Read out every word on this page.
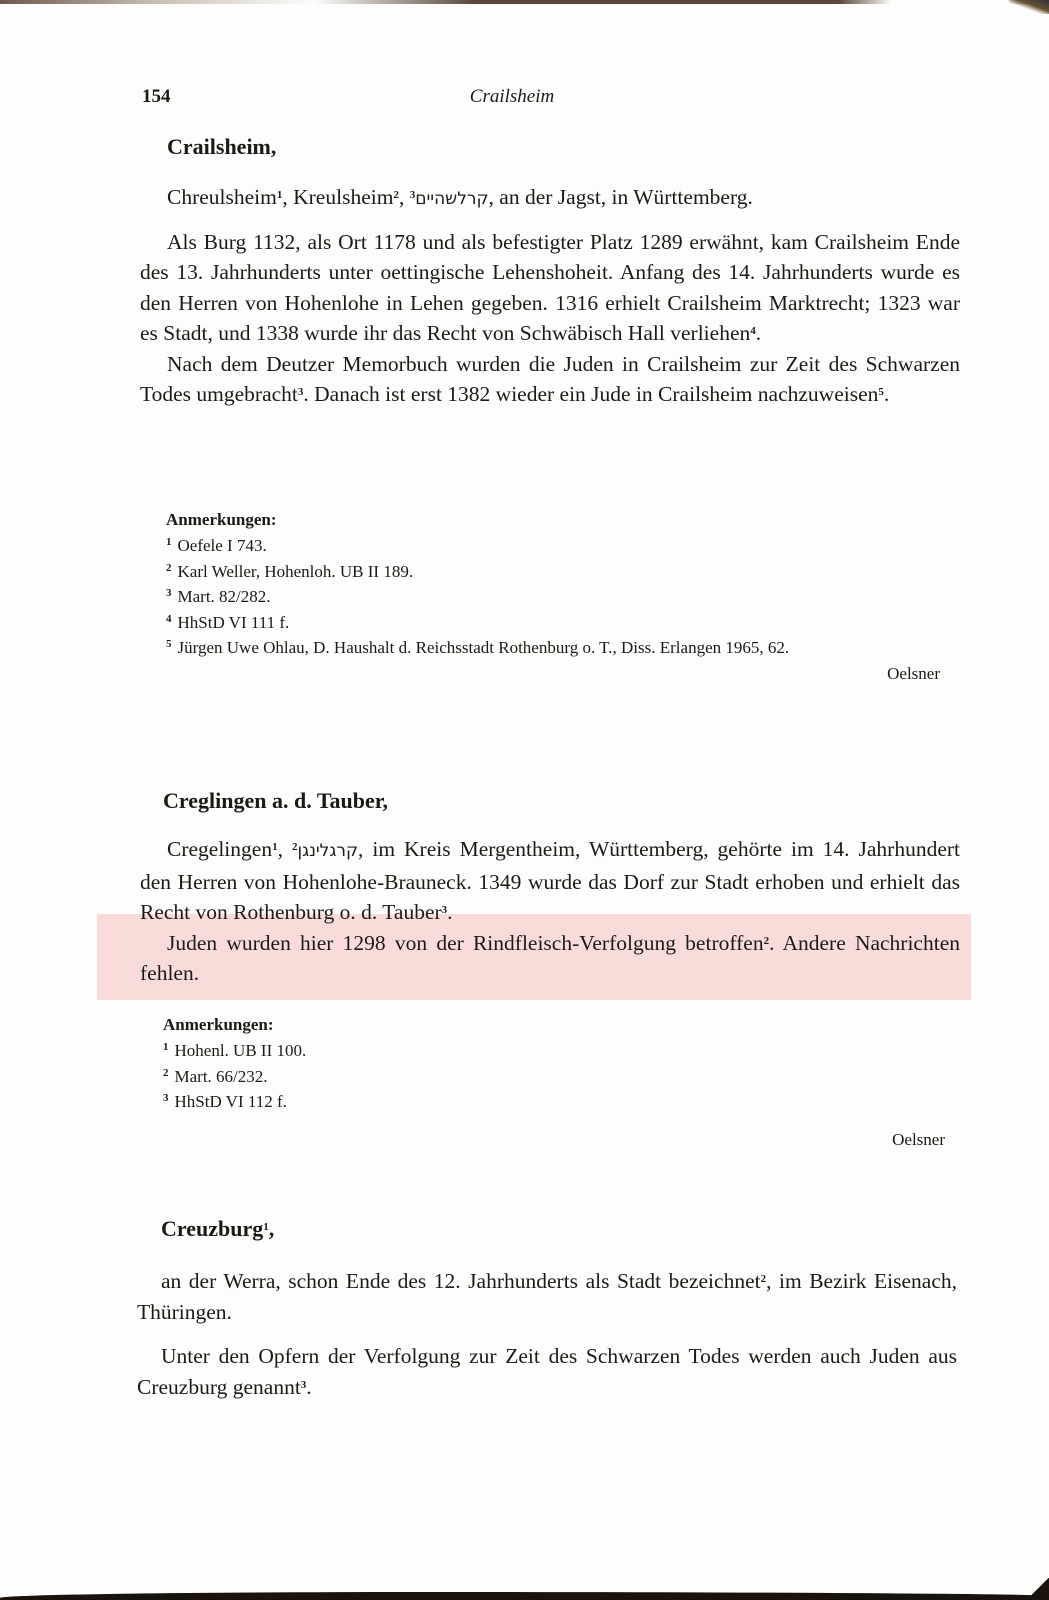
154	Crailsheim

Crailsheim,

Chreulsheim$^1$, Kreulsheim$^2$, קרלשהיים$^3$	, an der Jagst, in Württemberg.

Als Burg 1132, als Ort 1178 und als befestigter Platz 1289 erwähnt, kam Crailsheim Ende des 13. Jahrhunderts unter oettingische Lehenshoheit. Anfang des 14. Jahrhunderts wurde es den Herren von Hohenlohe in Lehen gegeben. 1316 erhielt Crailsheim Marktrecht; 1323 war es Stadt, und 1338 wurde ihr das Recht von Schwäbisch Hall verliehen$^4$.

Nach dem Deutzer Memorbuch wurden die Juden in Crailsheim zur Zeit des Schwarzen Todes umgebracht$^3$. Danach ist erst 1382 wieder ein Jude in Crailsheim nachzuweisen$^5$.

Anmerkungen:

$^1$ Oefele I 743.

$^2$ Karl Weller, Hohenloh. UB II 189.

$^3$ Mart. 82/282.

$^4$ HhStD VI 111 f.

$^5$ Jürgen Uwe Ohlau, D. Haushalt d. Reichsstadt Rothenburg o. T., Diss. Erlangen 1965, 62.

Oelsner

Creglingen a. d. Tauber,

Cregelingen$^1$, קרגלינגן$^2$	, im Kreis Mergentheim, Württemberg, gehörte im 14. Jahrhundert den Herren von Hohenlohe-Brauneck. 1349 wurde das Dorf zur Stadt erhoben und erhielt das Recht von Rothenburg o. d. Tauber$^3$.

Juden wurden hier 1298 von der Rindfleisch-Verfolgung betroffen$^2$. Andere Nachrichten fehlen.

Anmerkungen:

$^1$ Hohenl. UB II 100.

$^2$ Mart. 66/232.

$^3$ HhStD VI 112 f.

Oelsner

Creuzburg$^1$,

an der Werra, schon Ende des 12. Jahrhunderts als Stadt bezeichnet$^2$, im Bezirk Eisenach, Thüringen.

Unter den Opfern der Verfolgung zur Zeit des Schwarzen Todes werden auch Juden aus Creuzburg genannt$^3$.
